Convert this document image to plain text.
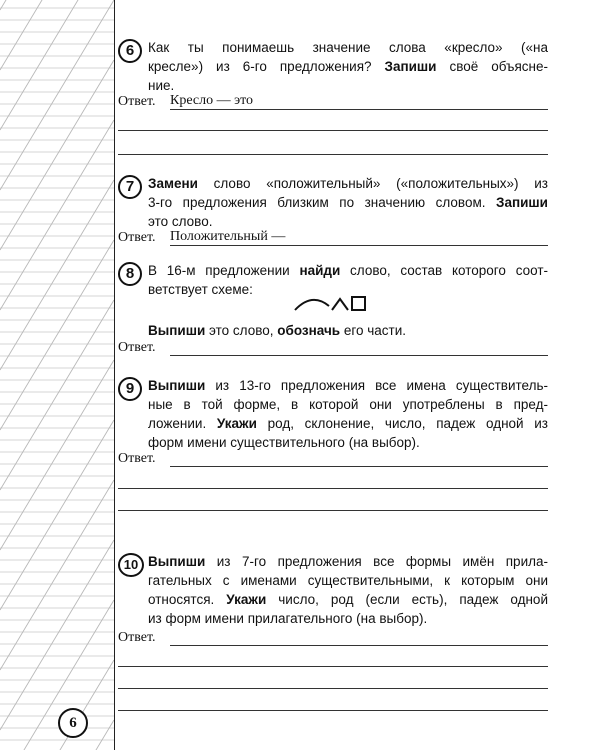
6	Как ты понимаешь значение слова «кресло» («на
кресле») из 6-го предложения? Запиши своё объясне-
ние.
Ответ. Кресло — это
7	Замени слово «положительный» («положительных») из
3-го предложения близким по значению словом. Запиши
это слово.
Ответ. Положительный —
8	В 16-м предложении найди слово, состав которого соот-
ветствует схеме:
Выпиши это слово, обозначь его части.
Ответ.
9	Выпиши из 13-го предложения все имена существитель-
ные в той форме, в которой они употреблены в пред-
ложении. Укажи род, склонение, число, падеж одной из
форм имени существительного (на выбор).
Ответ.
10 Выпиши из 7-го предложения все формы имён прила-
гательных с именами существительными, к которым они
относятся. Укажи число, род (если есть), падеж одной
из форм имени прилагательного (на выбор).
Ответ.
6
